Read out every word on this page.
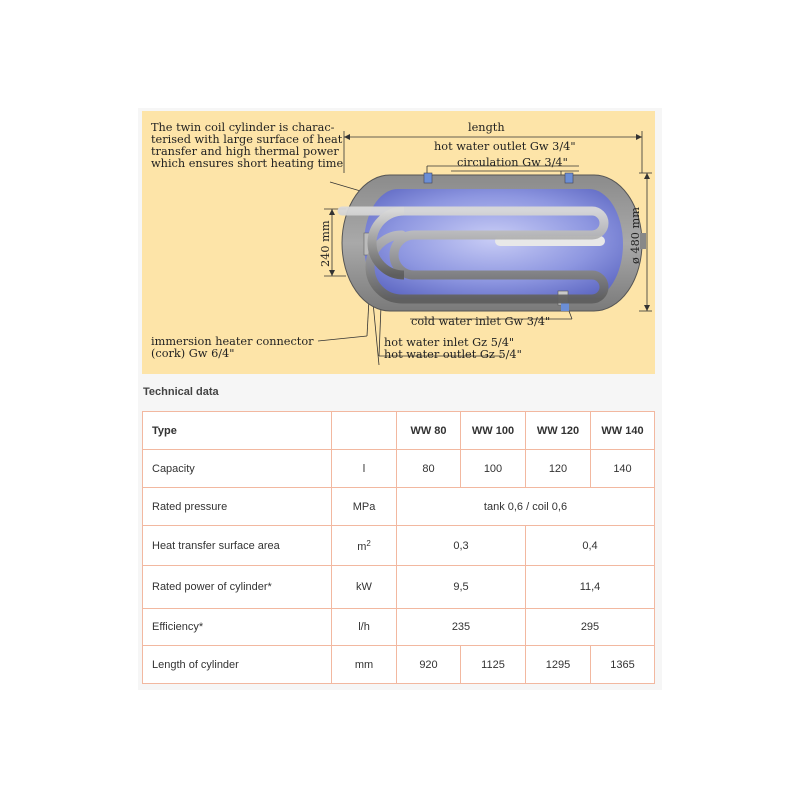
The twin coil cylinder is charac-
terised with large surface of heat
transfer and high thermal power
which ensures short heating time
length
hot water outlet Gw 3/4"
circulation Gw 3/4"
ø 480 mm
240 mm
cold water inlet Gw 3/4"
immersion heater connector
(cork) Gw 6/4"
hot water inlet Gz 5/4"
hot water outlet Gz 5/4"
Technical data
Type		WW 80	WW 100	WW 120	WW 140
Capacity	l	80	100	120	140
Rated pressure	MPa	tank 0,6 / coil 0,6			
Heat transfer surface area	$m^2$	0,3		0,4	
Rated power of cylinder*	kW	9,5		11,4	
Efficiency*	l/h	235		295	
Length of cylinder	mm	920	1125	1295	1365
